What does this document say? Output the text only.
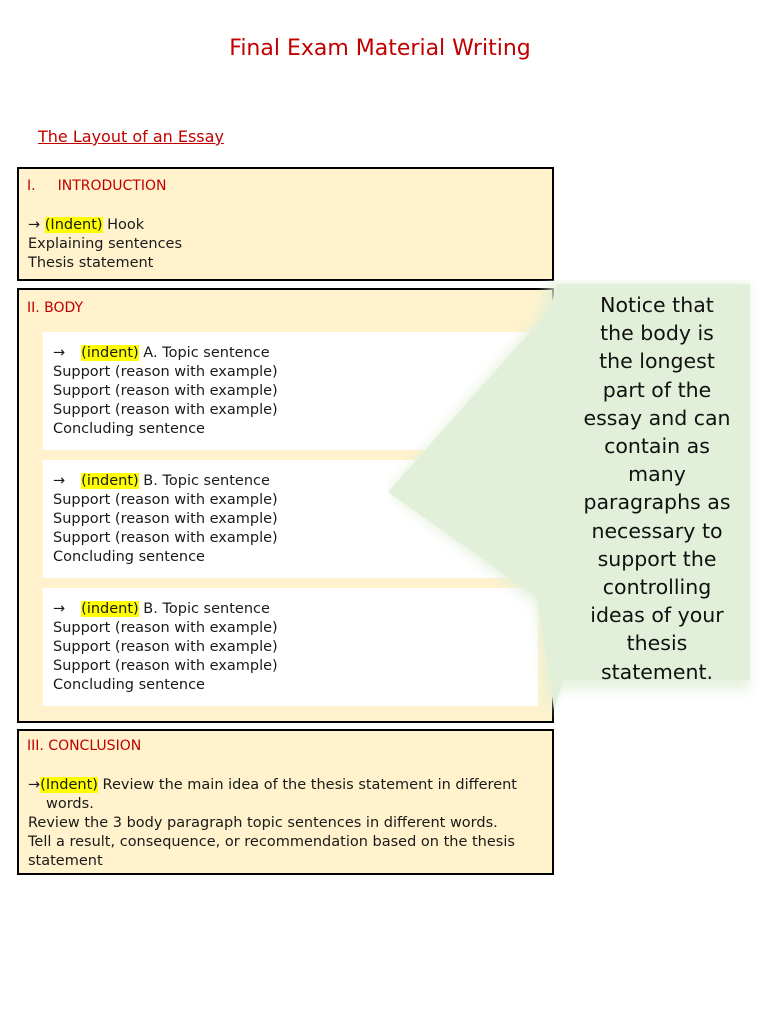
Final Exam Material Writing
The Layout of an Essay
I. INTRODUCTION
→ (Indent) Hook
Explaining sentences
Thesis statement
II. BODY
→ (indent) A. Topic sentence
Support (reason with example)
Support (reason with example)
Support (reason with example)
Concluding sentence
→ (indent) B. Topic sentence
Support (reason with example)
Support (reason with example)
Support (reason with example)
Concluding sentence
→ (indent) B. Topic sentence
Support (reason with example)
Support (reason with example)
Support (reason with example)
Concluding sentence
III. CONCLUSION
→(Indent) Review the main idea of the thesis statement in different
words.
Review the 3 body paragraph topic sentences in different words.
Tell a result, consequence, or recommendation based on the thesis
statement
Notice that
the body is
the longest
part of the
essay and can
contain as
many
paragraphs as
necessary to
support the
controlling
ideas of your
thesis
statement.
